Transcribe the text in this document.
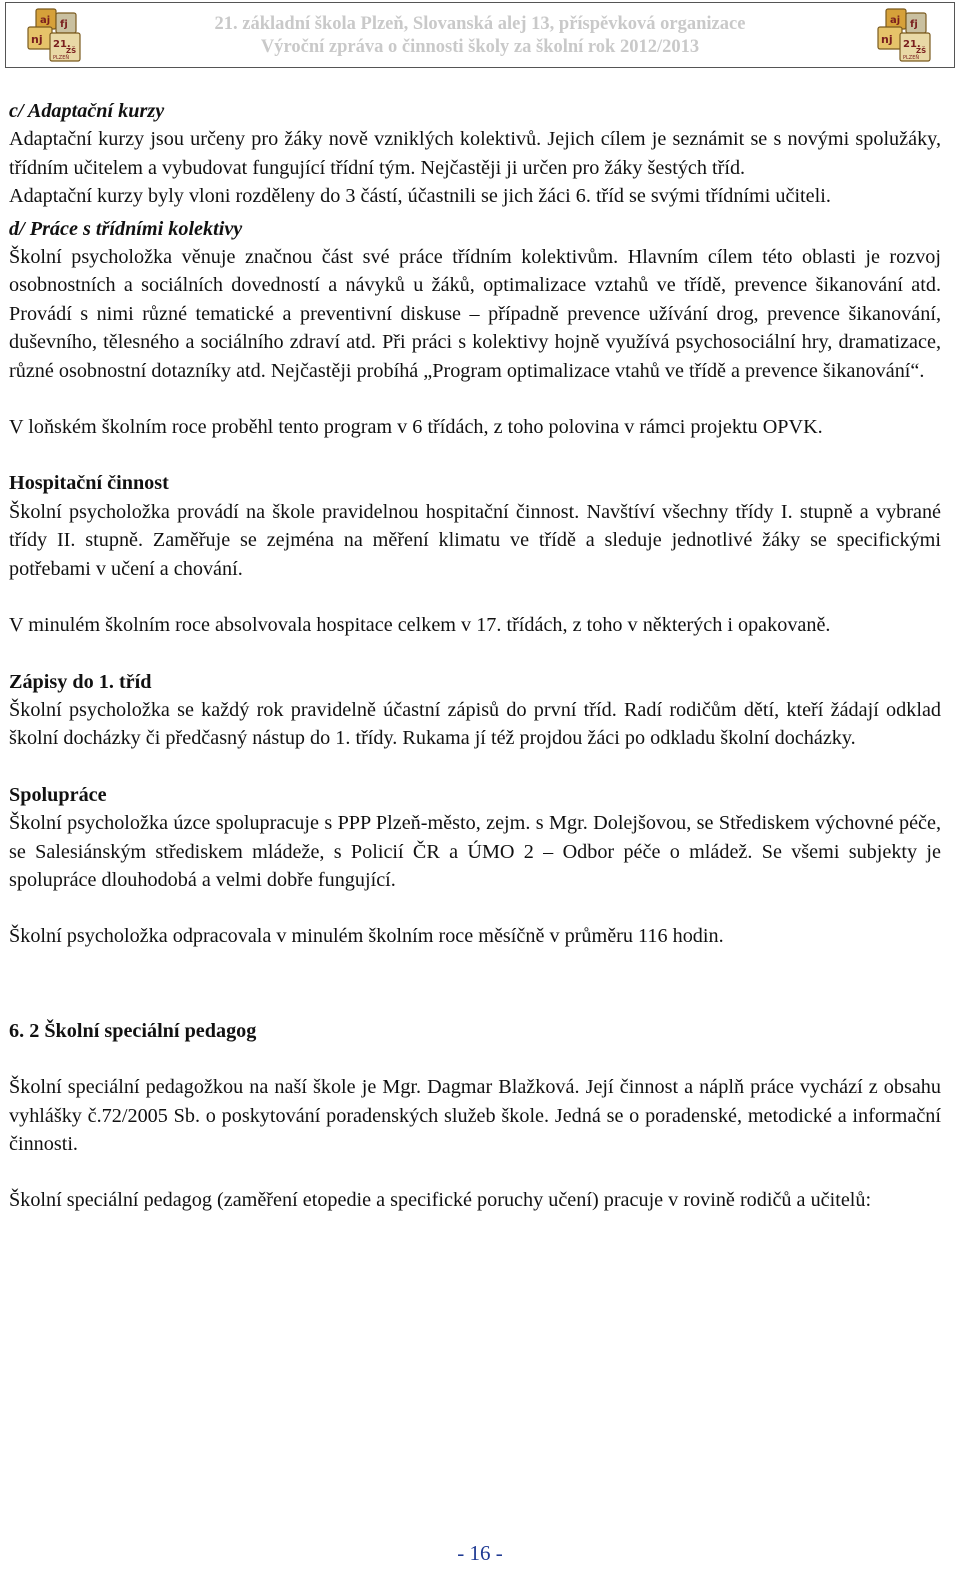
aj fj
nj 21.
ZŠ
PLZEŇ
21. základní škola Plzeň, Slovanská alej 13, příspěvková organizace
Výroční zpráva o činnosti školy za školní rok 2012/2013
aj fj
nj 21.
ZŠ
PLZEŇ

c/ Adaptační kurzy

Adaptační kurzy jsou určeny pro žáky nově vzniklých kolektivů. Jejich cílem je seznámit se s novými spolužáky, třídním učitelem a vybudovat fungující třídní tým. Nejčastěji ji určen pro žáky šestých tříd.

Adaptační kurzy byly vloni rozděleny do 3 částí, účastnili se jich žáci 6. tříd se svými třídními učiteli.

d/ Práce s třídními kolektivy

Školní psycholožka věnuje značnou část své práce třídním kolektivům. Hlavním cílem této oblasti je rozvoj osobnostních a sociálních dovedností a návyků u žáků, optimalizace vztahů ve třídě, prevence šikanování atd. Provádí s nimi různé tematické a preventivní diskuse – případně prevence užívání drog, prevence šikanování, duševního, tělesného a sociálního zdraví atd. Při práci s kolektivy hojně využívá psychosociální hry, dramatizace, různé osobnostní dotazníky atd. Nejčastěji probíhá „Program optimalizace vtahů ve třídě a prevence šikanování“.

V loňském školním roce proběhl tento program v 6 třídách, z toho polovina v rámci projektu OPVK.

Hospitační činnost

Školní psycholožka provádí na škole pravidelnou hospitační činnost. Navštíví všechny třídy I. stupně a vybrané třídy II. stupně. Zaměřuje se zejména na měření klimatu ve třídě a sleduje jednotlivé žáky se specifickými potřebami v učení a chování.

V minulém školním roce absolvovala hospitace celkem v 17. třídách, z toho v některých i opakovaně.

Zápisy do 1. tříd

Školní psycholožka se každý rok pravidelně účastní zápisů do první tříd. Radí rodičům dětí, kteří žádají odklad školní docházky či předčasný nástup do 1. třídy. Rukama jí též projdou žáci po odkladu školní docházky.

Spolupráce

Školní psycholožka úzce spolupracuje s PPP Plzeň-město, zejm. s Mgr. Dolejšovou, se Střediskem výchovné péče, se Salesiánským střediskem mládeže, s Policií ČR a ÚMO 2 – Odbor péče o mládež. Se všemi subjekty je spolupráce dlouhodobá a velmi dobře fungující.

Školní psycholožka odpracovala v minulém školním roce měsíčně v průměru 116 hodin.

6. 2 Školní speciální pedagog

Školní speciální pedagožkou na naší škole je Mgr. Dagmar Blažková. Její činnost a náplň práce vychází z obsahu vyhlášky č.72/2005 Sb. o poskytování poradenských služeb škole. Jedná se o poradenské, metodické a informační činnosti.

Školní speciální pedagog (zaměření etopedie a specifické poruchy učení) pracuje v rovině rodičů a učitelů:

- 16 -
